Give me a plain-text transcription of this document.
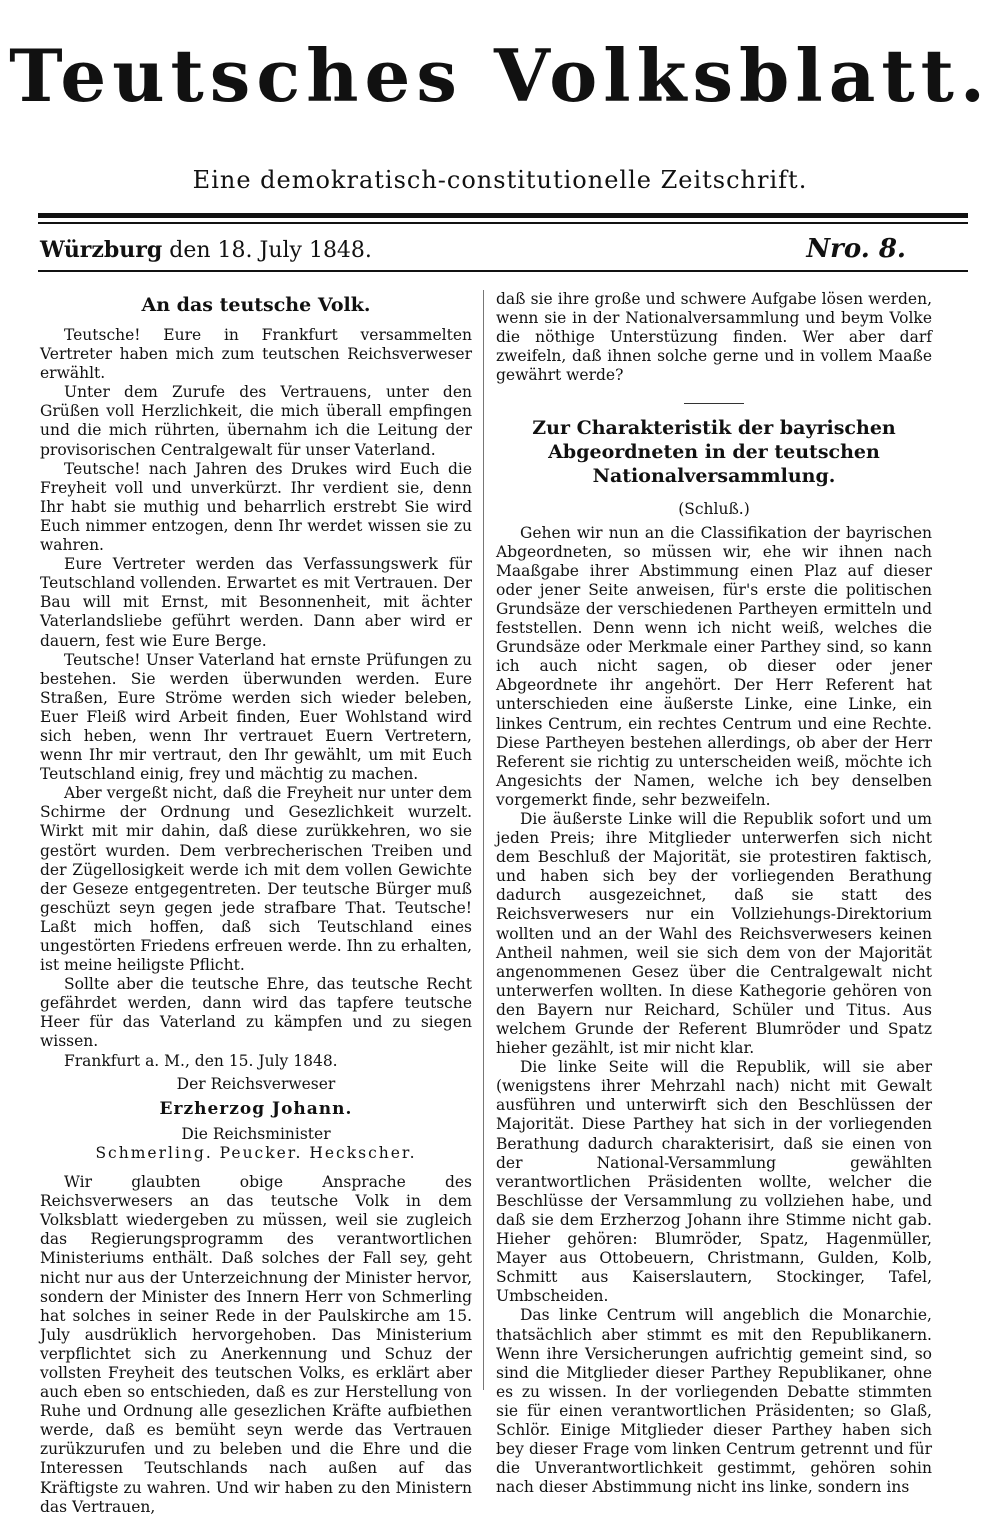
Teutsches Volksblatt.
Eine demokratisch-constitutionelle Zeitschrift.
Würzburg den 18. July 1848.	Nro. 8.
An das teutsche Volk.

Teutsche! Eure in Frankfurt versammelten Vertreter haben mich zum teutschen Reichsverweser erwählt.

Unter dem Zurufe des Vertrauens, unter den Grüßen voll Herzlichkeit, die mich überall empfingen und die mich rührten, übernahm ich die Leitung der provisorischen Centralgewalt für unser Vaterland.

Teutsche! nach Jahren des Drukes wird Euch die Freyheit voll und unverkürzt. Ihr verdient sie, denn Ihr habt sie muthig und beharrlich erstrebt Sie wird Euch nimmer entzogen, denn Ihr werdet wissen sie zu wahren.

Eure Vertreter werden das Verfassungswerk für Teutschland vollenden. Erwartet es mit Vertrauen. Der Bau will mit Ernst, mit Besonnenheit, mit ächter Vaterlandsliebe geführt werden. Dann aber wird er dauern, fest wie Eure Berge.

Teutsche! Unser Vaterland hat ernste Prüfungen zu bestehen. Sie werden überwunden werden. Eure Straßen, Eure Ströme werden sich wieder beleben, Euer Fleiß wird Arbeit finden, Euer Wohlstand wird sich heben, wenn Ihr vertrauet Euern Vertretern, wenn Ihr mir vertraut, den Ihr gewählt, um mit Euch Teutschland einig, frey und mächtig zu machen.

Aber vergeßt nicht, daß die Freyheit nur unter dem Schirme der Ordnung und Gesezlichkeit wurzelt. Wirkt mit mir dahin, daß diese zurükkehren, wo sie gestört wurden. Dem verbrecherischen Treiben und der Zügellosigkeit werde ich mit dem vollen Gewichte der Geseze entgegentreten. Der teutsche Bürger muß geschüzt seyn gegen jede strafbare That. Teutsche! Laßt mich hoffen, daß sich Teutschland eines ungestörten Friedens erfreuen werde. Ihn zu erhalten, ist meine heiligste Pflicht.

Sollte aber die teutsche Ehre, das teutsche Recht gefährdet werden, dann wird das tapfere teutsche Heer für das Vaterland zu kämpfen und zu siegen wissen.

Frankfurt a. M., den 15. July 1848.

Der Reichsverweser

Erzherzog Johann.

Die Reichsminister

Schmerling. Peucker. Heckscher.

Wir glaubten obige Ansprache des Reichsverwesers an das teutsche Volk in dem Volksblatt wiedergeben zu müssen, weil sie zugleich das Regierungsprogramm des verantwortlichen Ministeriums enthält. Daß solches der Fall sey, geht nicht nur aus der Unterzeichnung der Minister hervor, sondern der Minister des Innern Herr von Schmerling hat solches in seiner Rede in der Paulskirche am 15. July ausdrüklich hervorgehoben. Das Ministerium verpflichtet sich zu Anerkennung und Schuz der vollsten Freyheit des teutschen Volks, es erklärt aber auch eben so entschieden, daß es zur Herstellung von Ruhe und Ordnung alle gesezlichen Kräfte aufbiethen werde, daß es bemüht seyn werde das Vertrauen zurükzurufen und zu beleben und die Ehre und die Interessen Teutschlands nach außen auf das Kräftigste zu wahren. Und wir haben zu den Ministern das Vertrauen,

daß sie ihre große und schwere Aufgabe lösen werden, wenn sie in der Nationalversammlung und beym Volke die nöthige Unterstüzung finden. Wer aber darf zweifeln, daß ihnen solche gerne und in vollem Maaße gewährt werde?

Zur Charakteristik der bayrischen Abgeordneten in der teutschen Nationalversammlung.

(Schluß.)

Gehen wir nun an die Classifikation der bayrischen Abgeordneten, so müssen wir, ehe wir ihnen nach Maaßgabe ihrer Abstimmung einen Plaz auf dieser oder jener Seite anweisen, für's erste die politischen Grundsäze der verschiedenen Partheyen ermitteln und feststellen. Denn wenn ich nicht weiß, welches die Grundsäze oder Merkmale einer Parthey sind, so kann ich auch nicht sagen, ob dieser oder jener Abgeordnete ihr angehört. Der Herr Referent hat unterschieden eine äußerste Linke, eine Linke, ein linkes Centrum, ein rechtes Centrum und eine Rechte. Diese Partheyen bestehen allerdings, ob aber der Herr Referent sie richtig zu unterscheiden weiß, möchte ich Angesichts der Namen, welche ich bey denselben vorgemerkt finde, sehr bezweifeln.

Die äußerste Linke will die Republik sofort und um jeden Preis; ihre Mitglieder unterwerfen sich nicht dem Beschluß der Majorität, sie protestiren faktisch, und haben sich bey der vorliegenden Berathung dadurch ausgezeichnet, daß sie statt des Reichsverwesers nur ein Vollziehungs-Direktorium wollten und an der Wahl des Reichsverwesers keinen Antheil nahmen, weil sie sich dem von der Majorität angenommenen Gesez über die Centralgewalt nicht unterwerfen wollten. In diese Kathegorie gehören von den Bayern nur Reichard, Schüler und Titus. Aus welchem Grunde der Referent Blumröder und Spatz hieher gezählt, ist mir nicht klar.

Die linke Seite will die Republik, will sie aber (wenigstens ihrer Mehrzahl nach) nicht mit Gewalt ausführen und unterwirft sich den Beschlüssen der Majorität. Diese Parthey hat sich in der vorliegenden Berathung dadurch charakterisirt, daß sie einen von der National-Versammlung gewählten verantwortlichen Präsidenten wollte, welcher die Beschlüsse der Versammlung zu vollziehen habe, und daß sie dem Erzherzog Johann ihre Stimme nicht gab. Hieher gehören: Blumröder, Spatz, Hagenmüller, Mayer aus Ottobeuern, Christmann, Gulden, Kolb, Schmitt aus Kaiserslautern, Stockinger, Tafel, Umbscheiden.

Das linke Centrum will angeblich die Monarchie, thatsächlich aber stimmt es mit den Republikanern. Wenn ihre Versicherungen aufrichtig gemeint sind, so sind die Mitglieder dieser Parthey Republikaner, ohne es zu wissen. In der vorliegenden Debatte stimmten sie für einen verantwortlichen Präsidenten; so Glaß, Schlör. Einige Mitglieder dieser Parthey haben sich bey dieser Frage vom linken Centrum getrennt und für die Unverantwortlichkeit gestimmt, gehören sohin nach dieser Abstimmung nicht ins linke, sondern ins
